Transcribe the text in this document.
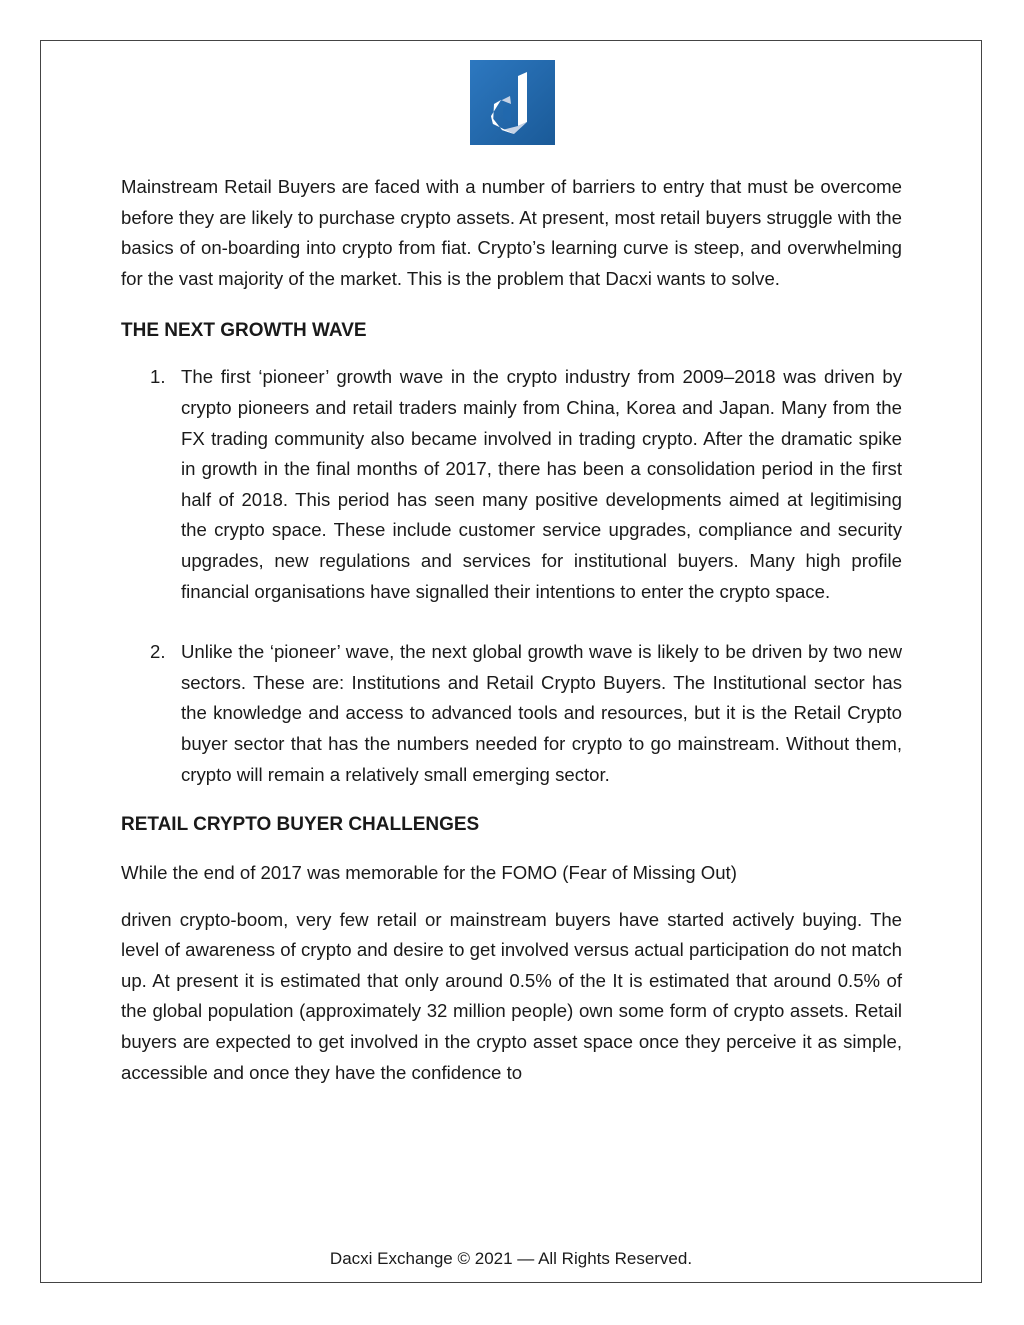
Mainstream Retail Buyers are faced with a number of barriers to entry that must be overcome before they are likely to purchase crypto assets. At present, most retail buyers struggle with the basics of on-boarding into crypto from fiat. Crypto’s learning curve is steep, and overwhelming for the vast majority of the market. This is the problem that Dacxi wants to solve.

THE NEXT GROWTH WAVE
1. The first ‘pioneer’ growth wave in the crypto industry from 2009–2018 was driven by crypto pioneers and retail traders mainly from China, Korea and Japan. Many from the FX trading community also became involved in trading crypto. After the dramatic spike in growth in the final months of 2017, there has been a consolidation period in the first half of 2018. This period has seen many positive developments aimed at legitimising the crypto space. These include customer service upgrades, compliance and security upgrades, new regulations and services for institutional buyers. Many high profile financial organisations have signalled their intentions to enter the crypto space.
2. Unlike the ‘pioneer’ wave, the next global growth wave is likely to be driven by two new sectors. These are: Institutions and Retail Crypto Buyers. The Institutional sector has the knowledge and access to advanced tools and resources, but it is the Retail Crypto buyer sector that has the numbers needed for crypto to go mainstream. Without them, crypto will remain a relatively small emerging sector.
RETAIL CRYPTO BUYER CHALLENGES

While the end of 2017 was memorable for the FOMO (Fear of Missing Out)

driven crypto-boom, very few retail or mainstream buyers have started actively buying. The level of awareness of crypto and desire to get involved versus actual participation do not match up. At present it is estimated that only around 0.5% of the It is estimated that around 0.5% of the global population (approximately 32 million people) own some form of crypto assets. Retail buyers are expected to get involved in the crypto asset space once they perceive it as simple, accessible and once they have the confidence to

Dacxi Exchange © 2021 — All Rights Reserved.
